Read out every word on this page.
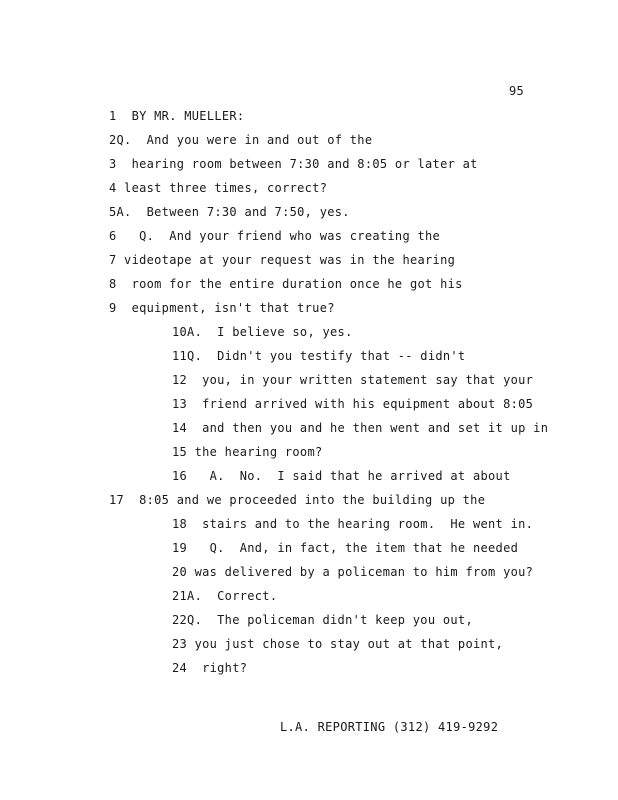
95
1  BY MR. MUELLER:
2Q.  And you were in and out of the
3  hearing room between 7:30 and 8:05 or later at
4 least three times, correct?
5A.  Between 7:30 and 7:50, yes.
6   Q.  And your friend who was creating the
7 videotape at your request was in the hearing
8  room for the entire duration once he got his
9  equipment, isn't that true?
10A.  I believe so, yes.
11Q.  Didn't you testify that -- didn't
12  you, in your written statement say that your
13  friend arrived with his equipment about 8:05
14  and then you and he then went and set it up in
15 the hearing room?
16   A.  No.  I said that he arrived at about
17  8:05 and we proceeded into the building up the
18  stairs and to the hearing room.  He went in.
19   Q.  And, in fact, the item that he needed
20 was delivered by a policeman to him from you?
21A.  Correct.
22Q.  The policeman didn't keep you out,
23 you just chose to stay out at that point,
24  right?
L.A. REPORTING (312) 419-9292
